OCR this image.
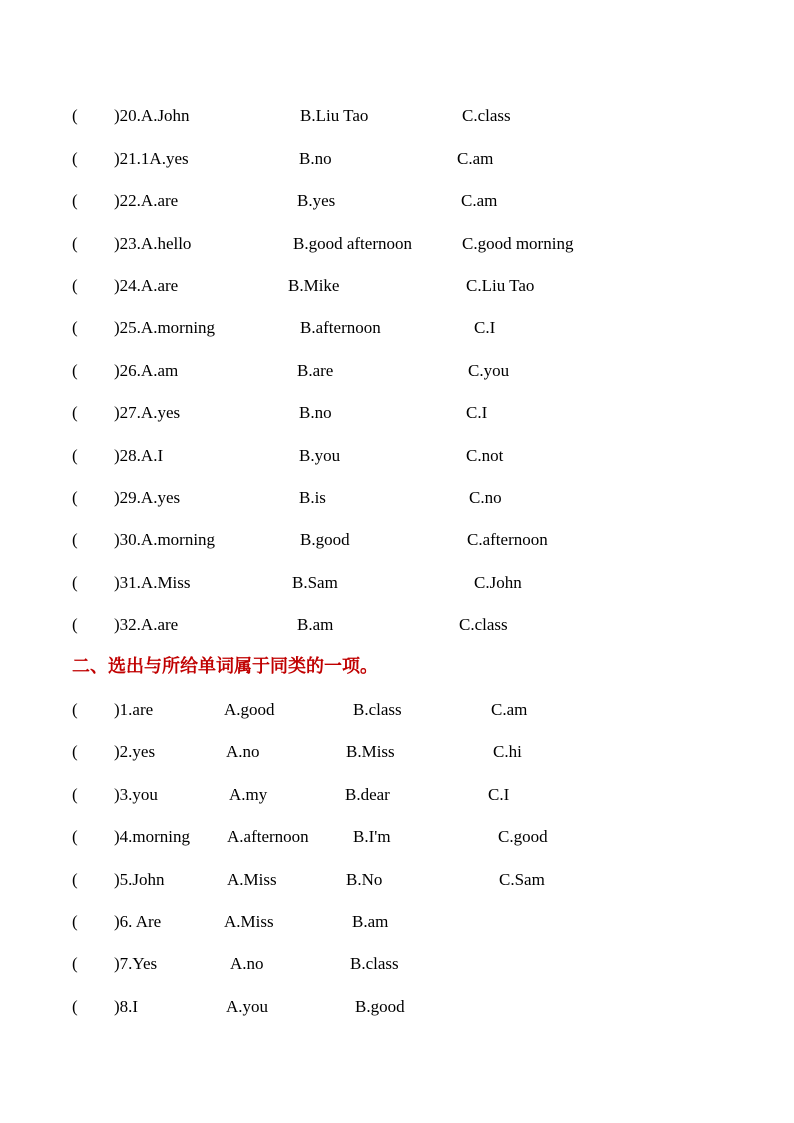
( )20.A.John	B.Liu Tao	C.class
( )21.1A.yes	B.no	C.am
( )22.A.are	B.yes	C.am
( )23.A.hello	B.good afternoon	C.good morning
( )24.A.are	B.Mike	C.Liu Tao
( )25.A.morning	B.afternoon	C.I
( )26.A.am	B.are	C.you
( )27.A.yes	B.no	C.I
( )28.A.I	B.you	C.not
( )29.A.yes	B.is	C.no
( )30.A.morning	B.good	C.afternoon
( )31.A.Miss	B.Sam	C.John
( )32.A.are	B.am	C.class
二、选出与所给单词属于同类的一项。
( )1.are	A.good	B.class	C.am
( )2.yes	A.no	B.Miss	C.hi
( )3.you	A.my	B.dear	C.I
( )4.morning A.afternoon	B.I'm	C.good
( )5.John	A.Miss	B.No	C.Sam
( )6. Are	A.Miss	B.am
( )7.Yes	A.no	B.class
( )8.I	A.you	B.good
